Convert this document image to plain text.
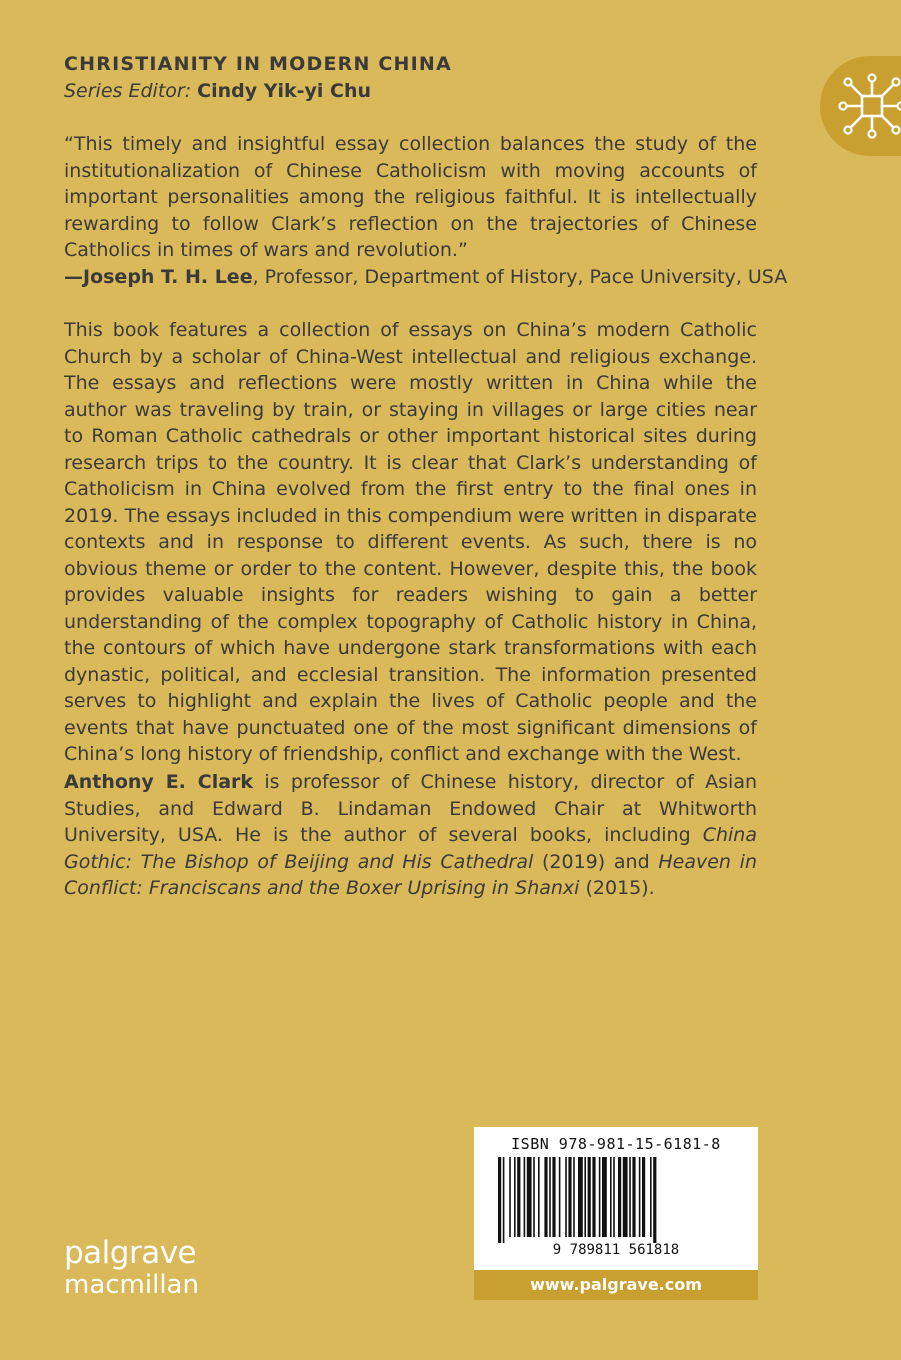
CHRISTIANITY IN MODERN CHINA
Series Editor: Cindy Yik-yi Chu
“This timely and insightful essay collection balances the study of the institutionalization of Chinese Catholicism with moving accounts of important personalities among the religious faithful. It is intellectually rewarding to follow Clark’s reflection on the trajectories of Chinese Catholics in times of wars and revolution.”
—Joseph T. H. Lee, Professor, Department of History, Pace University, USA
This book features a collection of essays on China’s modern Catholic Church by a scholar of China-West intellectual and religious exchange. The essays and reflections were mostly written in China while the author was traveling by train, or staying in villages or large cities near to Roman Catholic cathedrals or other important historical sites during research trips to the country. It is clear that Clark’s understanding of Catholicism in China evolved from the first entry to the final ones in 2019. The essays included in this compendium were written in disparate contexts and in response to different events. As such, there is no obvious theme or order to the content. However, despite this, the book provides valuable insights for readers wishing to gain a better understanding of the complex topography of Catholic history in China, the contours of which have undergone stark transformations with each dynastic, political, and ecclesial transition. The information presented serves to highlight and explain the lives of Catholic people and the events that have punctuated one of the most significant dimensions of China’s long history of friendship, conflict and exchange with the West.
Anthony E. Clark is professor of Chinese history, director of Asian Studies, and Edward B. Lindaman Endowed Chair at Whitworth University, USA. He is the author of several books, including China Gothic: The Bishop of Beijing and His Cathedral (2019) and Heaven in Conflict: Franciscans and the Boxer Uprising in Shanxi (2015).
ISBN 978-981-15-6181-8
9 789811 561818
www.palgrave.com
palgrave
macmillan
